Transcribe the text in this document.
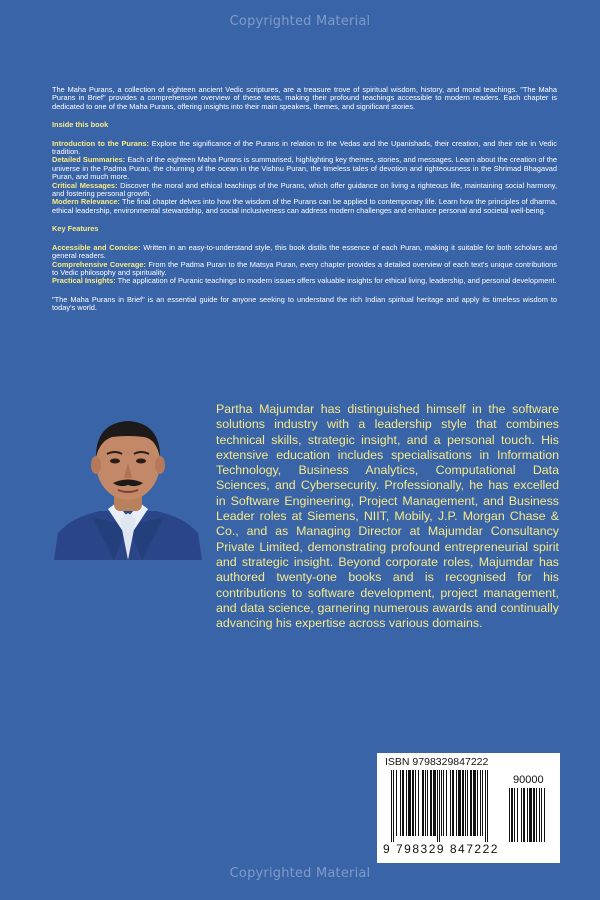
Copyrighted Material

The Maha Purans, a collection of eighteen ancient Vedic scriptures, are a treasure trove of spiritual wisdom, history, and moral teachings. "The Maha Purans in Brief" provides a comprehensive overview of these texts, making their profound teachings accessible to modern readers. Each chapter is dedicated to one of the Maha Purans, offering insights into their main speakers, themes, and significant stories.

Inside this book

Introduction to the Purans: Explore the significance of the Purans in relation to the Vedas and the Upanishads, their creation, and their role in Vedic tradition.

Detailed Summaries: Each of the eighteen Maha Purans is summarised, highlighting key themes, stories, and messages. Learn about the creation of the universe in the Padma Puran, the churning of the ocean in the Vishnu Puran, the timeless tales of devotion and righteousness in the Shrimad Bhagavad Puran, and much more.

Critical Messages: Discover the moral and ethical teachings of the Purans, which offer guidance on living a righteous life, maintaining social harmony, and fostering personal growth.

Modern Relevance: The final chapter delves into how the wisdom of the Purans can be applied to contemporary life. Learn how the principles of dharma, ethical leadership, environmental stewardship, and social inclusiveness can address modern challenges and enhance personal and societal well-being.

Key Features

Accessible and Concise: Written in an easy-to-understand style, this book distils the essence of each Puran, making it suitable for both scholars and general readers.

Comprehensive Coverage: From the Padma Puran to the Matsya Puran, every chapter provides a detailed overview of each text's unique contributions to Vedic philosophy and spirituality.

Practical Insights: The application of Puranic teachings to modern issues offers valuable insights for ethical living, leadership, and personal development.

"The Maha Purans in Brief" is an essential guide for anyone seeking to understand the rich Indian spiritual heritage and apply its timeless wisdom to today's world.

Partha Majumdar has distinguished himself in the software solutions industry with a leadership style that combines technical skills, strategic insight, and a personal touch. His extensive education includes specialisations in Information Technology, Business Analytics, Computational Data Sciences, and Cybersecurity. Professionally, he has excelled in Software Engineering, Project Management, and Business Leader roles at Siemens, NIIT, Mobily, J.P. Morgan Chase & Co., and as Managing Director at Majumdar Consultancy Private Limited, demonstrating profound entrepreneurial spirit and strategic insight. Beyond corporate roles, Majumdar has authored twenty-one books and is recognised for his contributions to software development, project management, and data science, garnering numerous awards and continually advancing his expertise across various domains.
ISBN 9798329847222
90000
9 798329 847222
Copyrighted Material
